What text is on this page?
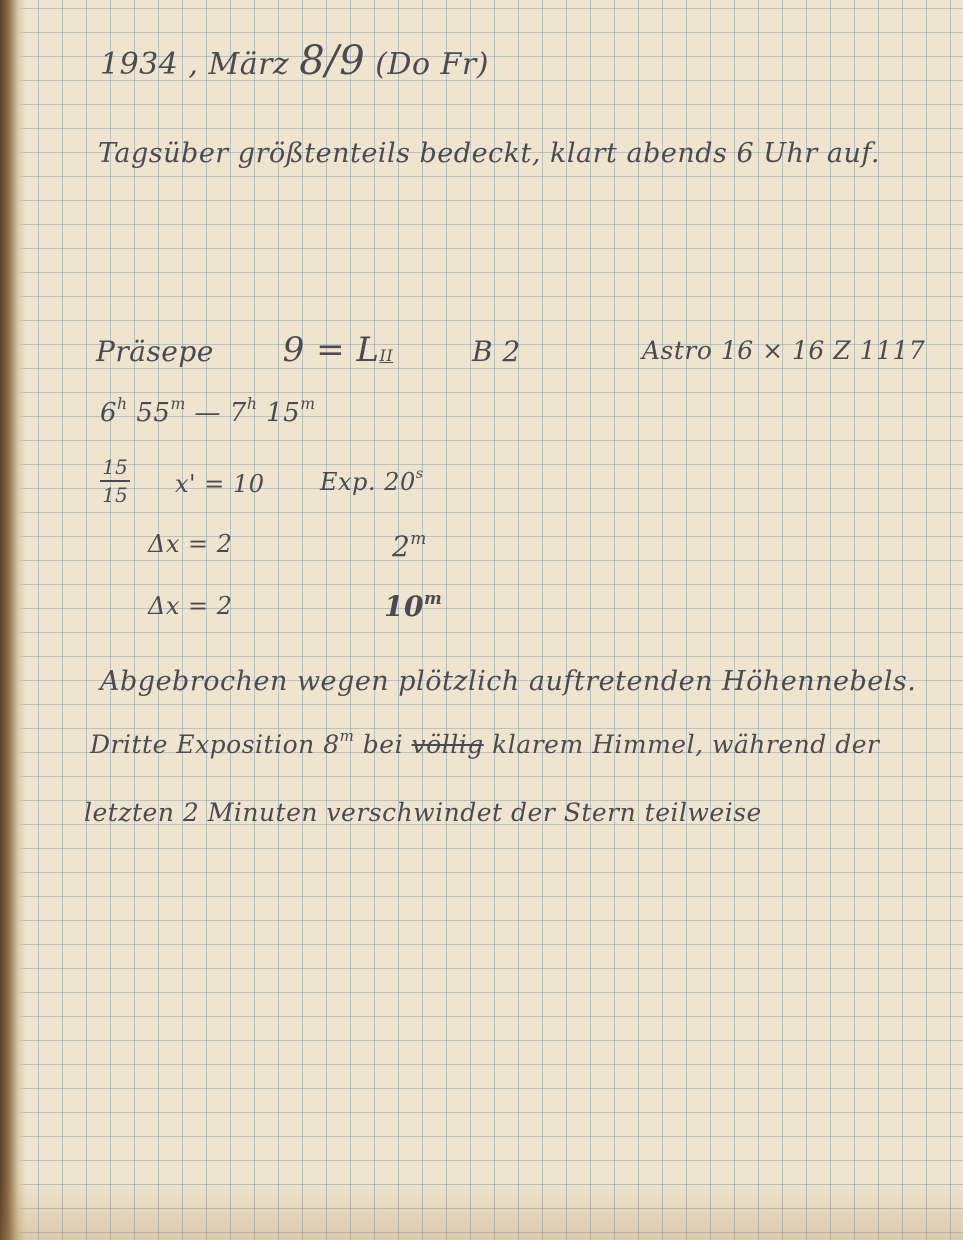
1934 , März 8/9 (Do Fr)
Tagsüber größtenteils bedeckt, klart abends 6 Uhr auf.
Präsepe 9 = LII	B 2	Astro 16 × 16 Z 1117
6$^h$ 55$^m$ — 7$^h$ 15$^m$
15
15 x' = 10 Exp. 20$^s$
Δx = 2	2$^m$
Δx = 2	10$^m$
Abgebrochen wegen plötzlich auftretenden Höhennebels.
Dritte Exposition 8$^m$ bei völlig klarem Himmel, während der
letzten 2 Minuten verschwindet der Stern teilweise
